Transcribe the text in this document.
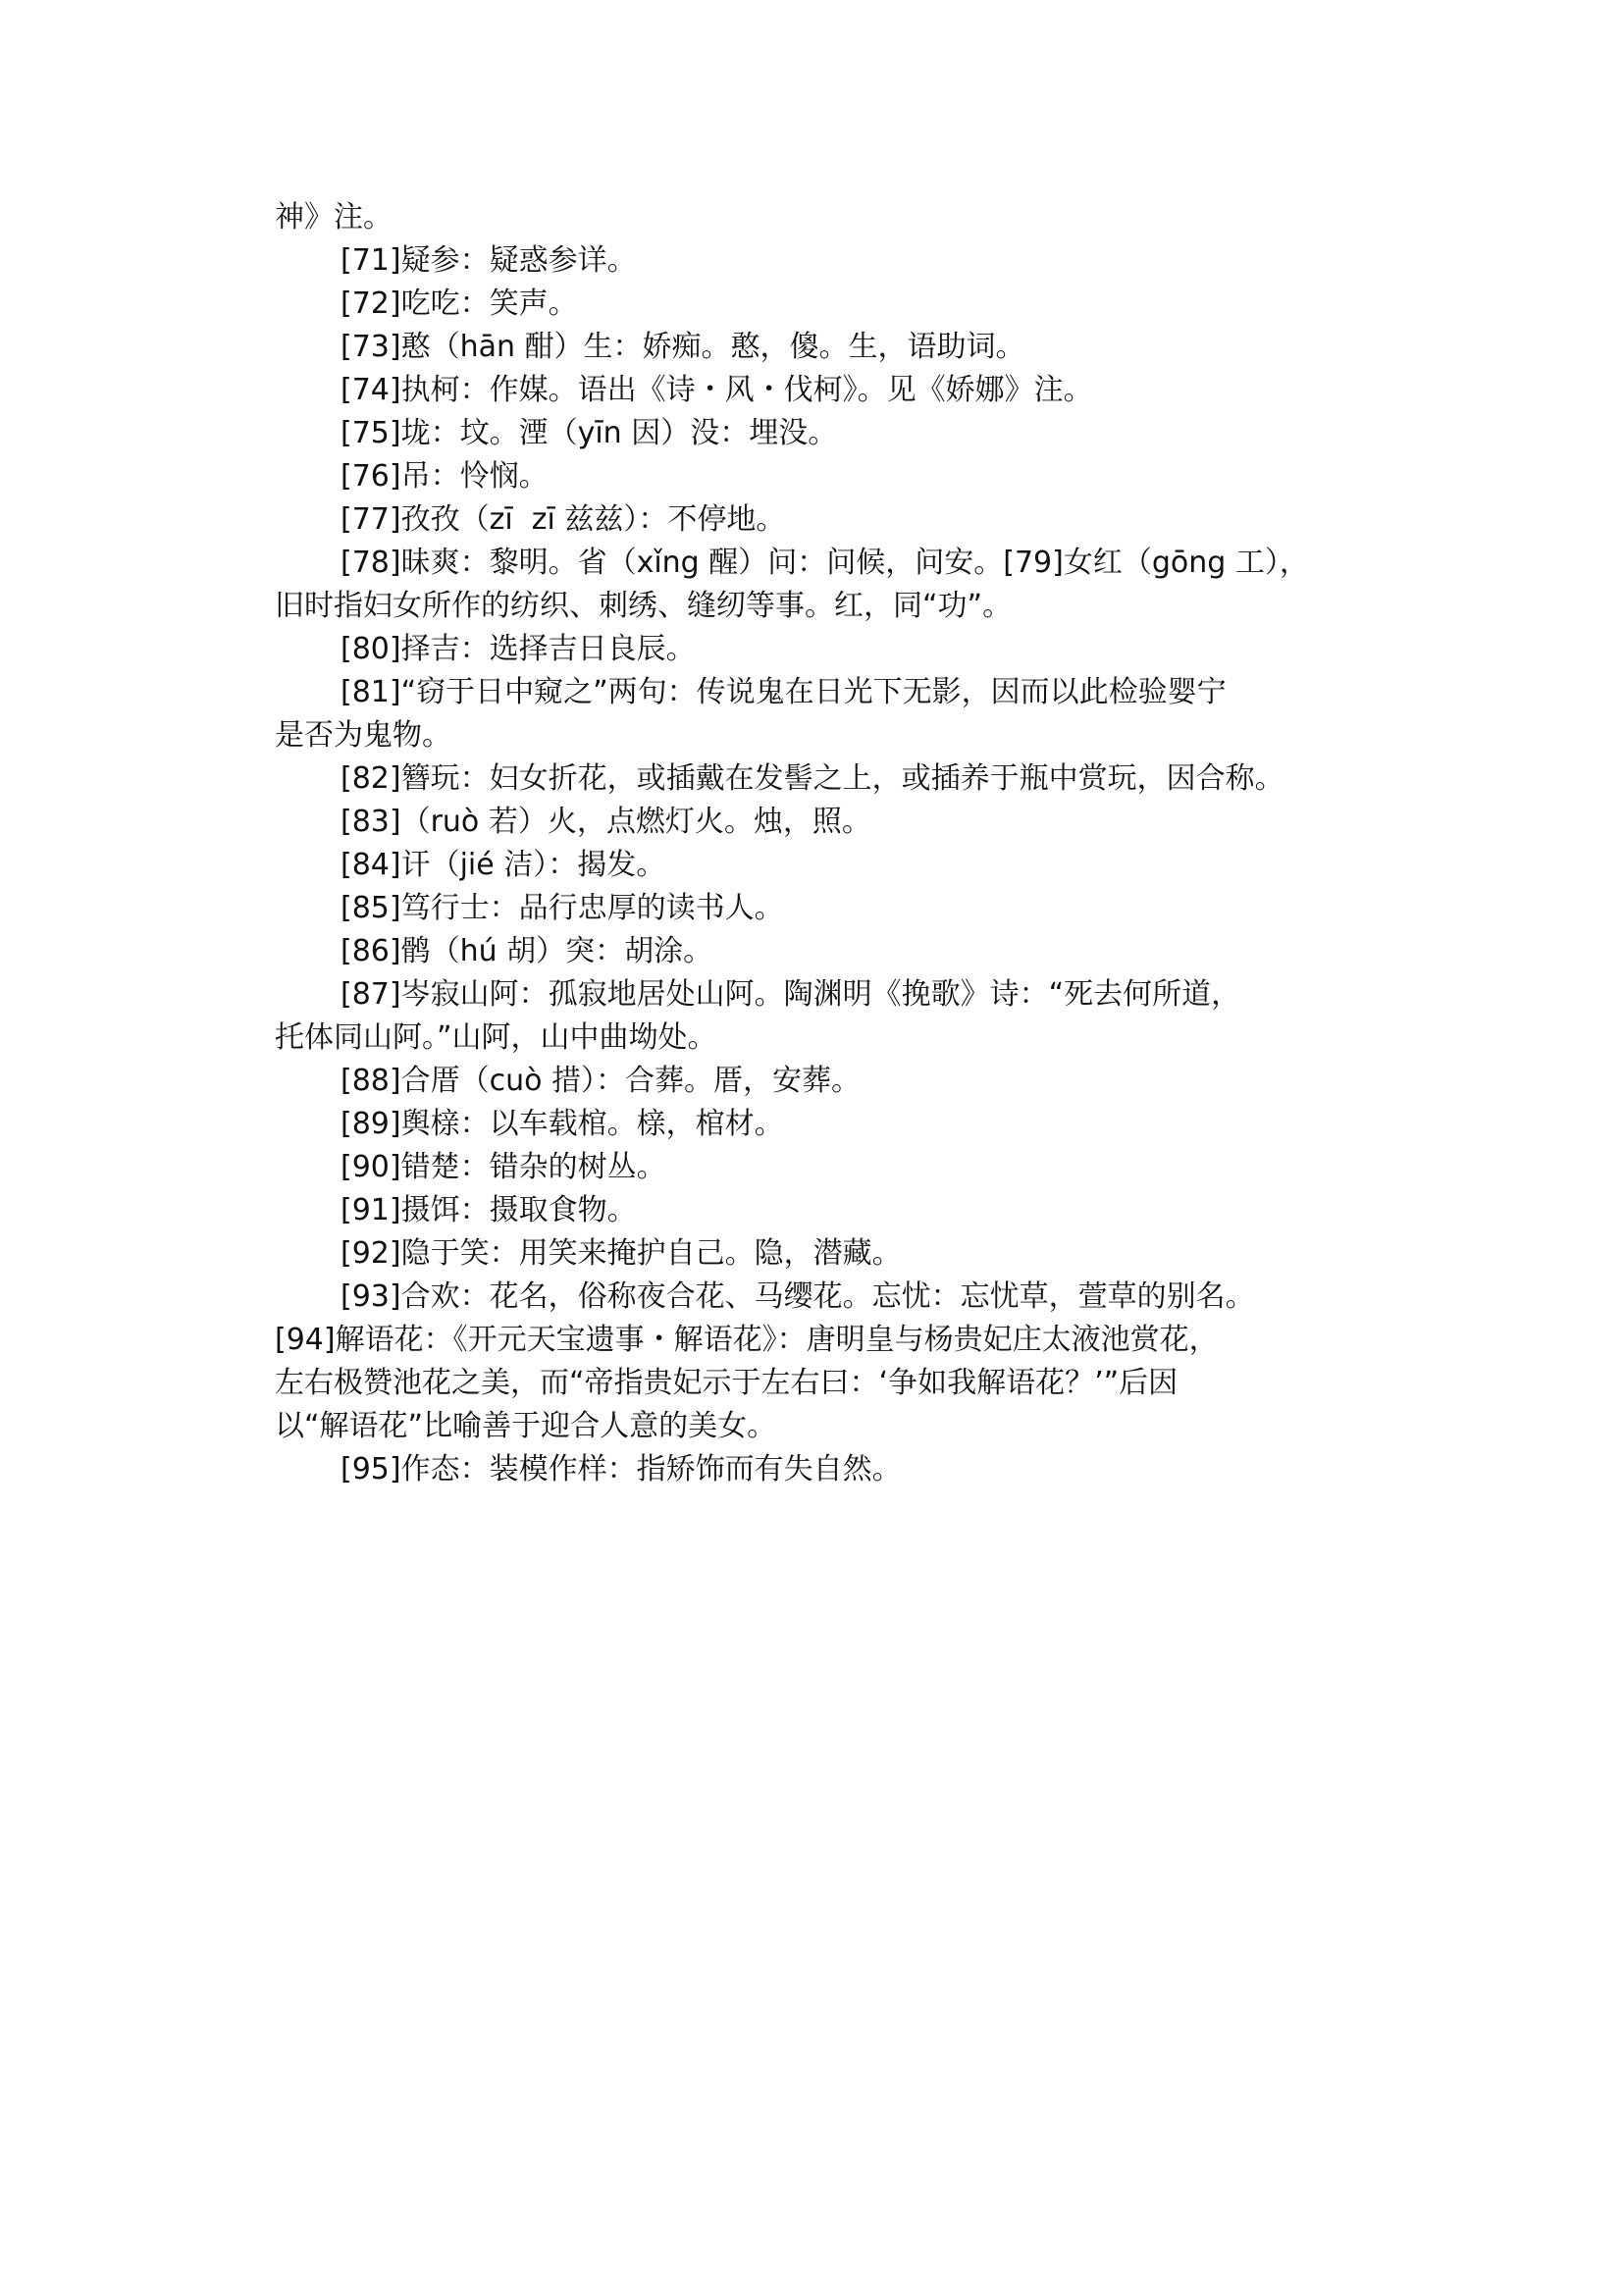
神》注。
[71]疑参：疑惑参详。
[72]吃吃：笑声。
[73]憨（hān 酣）生：娇痴。憨，傻。生，语助词。
[74]执柯：作媒。语出《诗・风・伐柯》。见《娇娜》注。
[75]垅：坟。湮（yīn 因）没：埋没。
[76]吊：怜悯。
[77]孜孜（zī  zī 兹兹）：不停地。
[78]昧爽：黎明。省（xǐng 醒）问：问候，问安。[79]女红（gōng 工），
旧时指妇女所作的纺织、刺绣、缝纫等事。红，同“功”。
[80]择吉：选择吉日良辰。
[81]“窃于日中窥之”两句：传说鬼在日光下无影，因而以此检验婴宁
是否为鬼物。
[82]簪玩：妇女折花，或插戴在发髻之上，或插养于瓶中赏玩，因合称。
[83]（ruò 若）火，点燃灯火。烛，照。
[84]讦（jié 洁）：揭发。
[85]笃行士：品行忠厚的读书人。
[86]鹘（hú 胡）突：胡涂。
[87]岑寂山阿：孤寂地居处山阿。陶渊明《挽歌》诗：“死去何所道，
托体同山阿。”山阿，山中曲坳处。
[88]合厝（cuò 措）：合葬。厝，安葬。
[89]舆榇：以车载棺。榇，棺材。
[90]错楚：错杂的树丛。
[91]摄饵：摄取食物。
[92]隐于笑：用笑来掩护自己。隐，潜藏。
[93]合欢：花名，俗称夜合花、马缨花。忘忧：忘忧草，萱草的别名。
[94]解语花：《开元天宝遗事・解语花》：唐明皇与杨贵妃庄太液池赏花，
左右极赞池花之美，而“帝指贵妃示于左右曰：‘争如我解语花？’”后因
以“解语花”比喻善于迎合人意的美女。
[95]作态：装模作样：指矫饰而有失自然。
